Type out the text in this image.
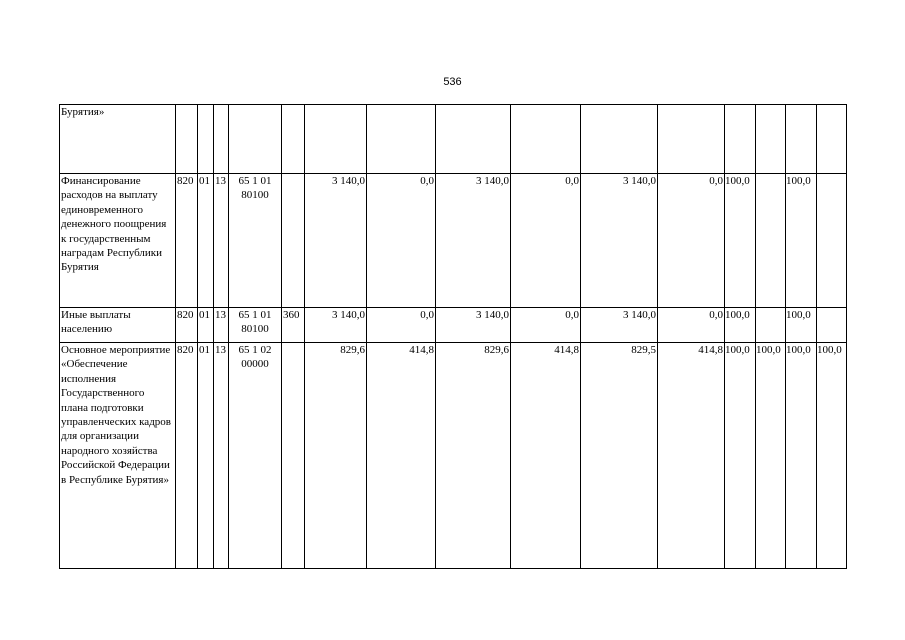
536
Бурятия»															
Финансирование расходов на выплату единовременного денежного поощрения к государственным наградам Республики Бурятия	820	01	13	65 1 01 80100		3 140,0	0,0	3 140,0	0,0	3 140,0	0,0	100,0		100,0	
Иные выплаты населению	820	01	13	65 1 01 80100	360	3 140,0	0,0	3 140,0	0,0	3 140,0	0,0	100,0		100,0	
Основное мероприятие «Обеспечение исполнения Государственного плана подготовки управленческих кадров для организации народного хозяйства Российской Федерации в Республике Бурятия»	820	01	13	65 1 02 00000		829,6	414,8	829,6	414,8	829,5	414,8	100,0	100,0	100,0	100,0
